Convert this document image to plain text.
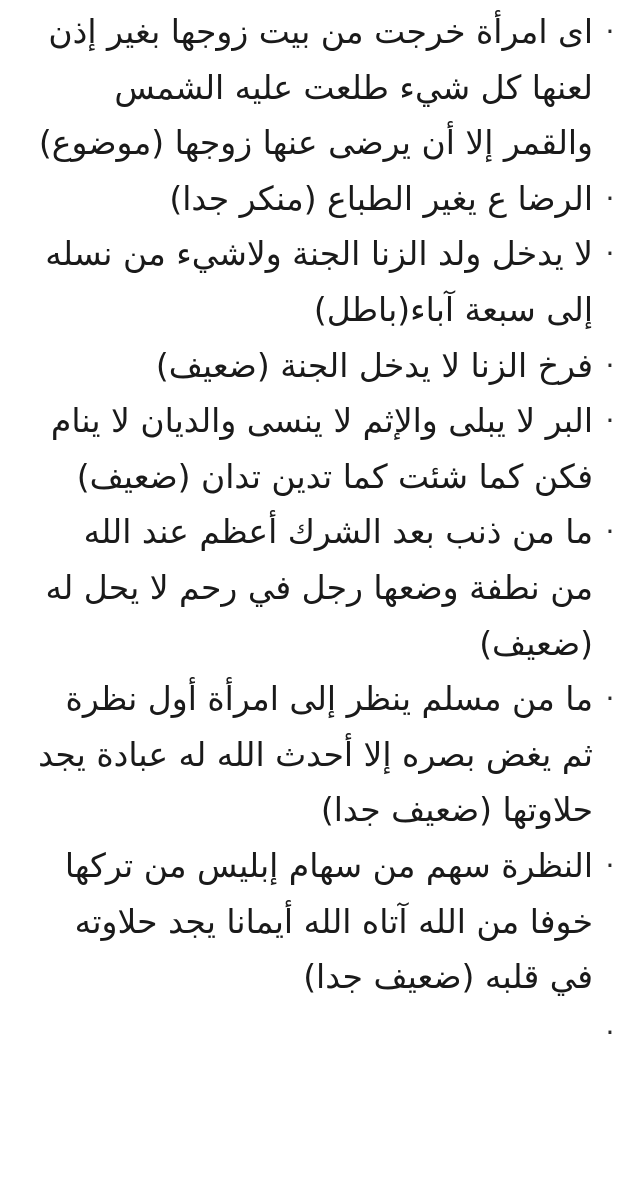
·
اى امرأة خرجت من بيت زوجها بغير إذن لعنها كل شيء طلعت عليه الشمس والقمر إلا أن يرضى عنها زوجها (موضوع)
·
الرضا ع يغير الطباع (منكر جدا)
·
لا يدخل ولد الزنا الجنة ولاشيء من نسله إلى سبعة آباء(باطل)
·
فرخ الزنا لا يدخل الجنة (ضعيف)
·
البر لا يبلى والإثم لا ينسى والديان لا ينام فكن كما شئت كما تدين تدان (ضعيف)
·
ما من ذنب بعد الشرك أعظم عند الله من نطفة وضعها رجل في رحم لا يحل له (ضعيف)
·
ما من مسلم ينظر إلى امرأة أول نظرة ثم يغض بصره إلا أحدث الله له عبادة يجد حلاوتها (ضعيف جدا)
·
النظرة سهم من سهام إبليس من تركها خوفا من الله آتاه الله أيمانا يجد حلاوته في قلبه (ضعيف جدا)
·
